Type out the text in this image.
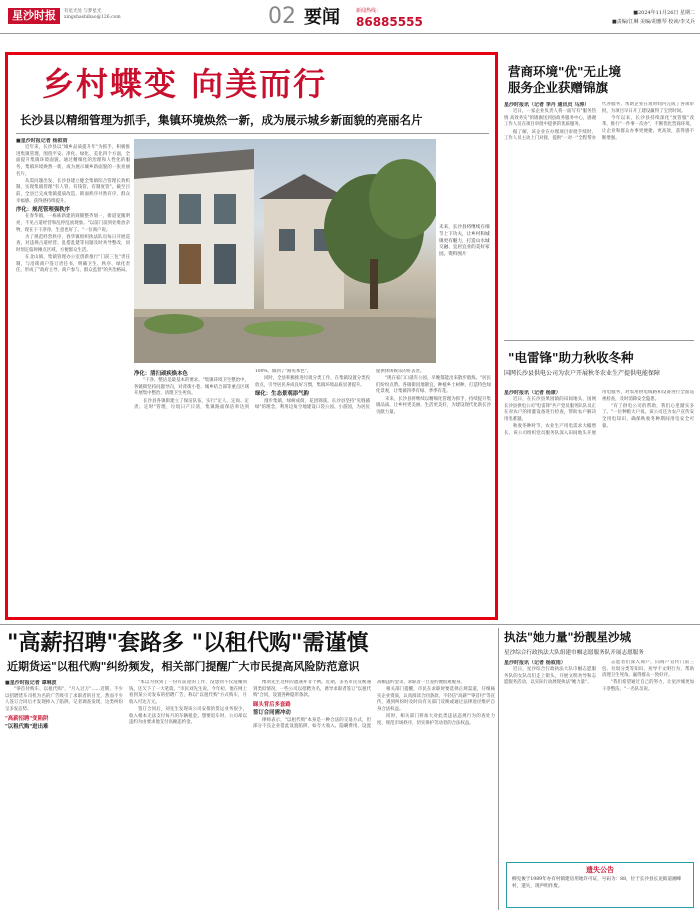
星沙时报	有星光处 与梦星光
xingshashibao@126.com	02 要闻	新闻热线：
86885555
■2024年11月26日 星期二
■责编/江琳 美编/胡雅琴 校读/李又兵
乡村蝶变 向美而行
长沙县以精细管理为抓手，集镇环境焕然一新，成为展示城乡新面貌的亮丽名片

■星沙时报记者 杨叙雨

近年来，长沙县以"城乡品质提升年"为抓手，积极推进集镇管理，围绕平安、净化、绿化、美化四个方面，全面提升集镇环境面貌。通过精细化的治理和人性化的服务，集镇环境焕然一新，成为展示城乡新面貌的一张亮丽名片。

从需问题出发，长沙县建立健全集镇综合管理长效机制，实现集镇管理"有人管、有钱管、有制度管"。截至目前，全县已完成集镇提质改造，街面秩序井然有序，群众幸福感、获得感持续提升。

序化：规范管理强秩序

在春华镇，一栋栋新建的商铺整齐划一，街道宽敞明亮，不见占道经营和乱停乱放现象。"以前门前到处堆放杂物，现在干干净净，生意也好了。"一位商户说。

为了规范经营秩序，春华镇组织执法队员每日开展巡查，对违规占道经营、乱搭乱建等问题及时劝导整改，同时划定临时摊点区域，方便群众生活。

在北山镇，集镇管理办公室创新推行"门前三包"责任制，与沿街商户签订责任书，明确卫生、秩序、绿化责任，形成了"政府主导、商户参与、群众监督"的共治格局。

未来，长沙县将继续在细节上下功夫，让乡村和城镇更有魅力，打造山水城交融、宜居宜业的美好家园。资料图片

净化：清扫顽疾焕本色

"干净、整洁是最基本的要求。"集镇环境卫生整治中，各镇街坚持问题导向，对背街小巷、城乡结合部等重点区域开展集中整治，清理卫生死角。

长沙县各镇街建立了保洁队伍，实行"定人、定岗、定责、定时"管理，垃圾日产日清，集镇路面保洁率达到100%，做到了"路见本色"。

同时，全县积极推进垃圾分类工作，在集镇设置分类投放点，引导居民养成良好习惯，集镇环境品质显著提升。

绿化：生态景观添气韵

漫步集镇，绿树成荫，花团锦簇。长沙县坚持"见缝插绿"的理念，利用边角空地建设口袋公园、小游园，为居民提供休闲娱乐的好去处。

"现在家门口就有公园，早晚都能出来散步锻炼。"居民们纷纷点赞。各镇街因地制宜，种植乡土树种，打造特色绿化景观，让集镇四季有绿、季季有花。

未来，长沙县将继续以精细化管理为抓手，持续提升集镇品质，让乡村更美丽、生活更美好，为建设现代化新长沙贡献力量。

营商环境"优"无止境
服务企业获赠锦旗

星沙时报讯（记者 李丹 通讯员 马涛）

近日，一家企业负责人将一面写有"服务热情 高效务实"的锦旗送到县政务服务中心，感谢工作人员在项目审批中提供的优质服务。

据了解，该企业在办理项目审批手续时，工作人员主动上门对接，提供"一对一"全程帮办代办服务，帮助企业在短时间内完成了各项审批，为项目早日开工建设赢得了宝贵时间。

今年以来，长沙县持续深化"放管服"改革，推行"一件事一次办"，不断优化营商环境，让企业和群众办事更便捷、更高效，获得感不断增强。

"电雷锋"助力秋收冬种
国网长沙县供电公司为农户开展秋冬农业生产提供电能保障

星沙时报讯（记者 杨康）

近日，在长沙县果园镇的田间地头，国网长沙县供电公司"电雷锋"共产党员服务队队员正在对农户的排灌设备进行检查，帮助农户解决用电难题。

秋收冬种时节，农业生产用电需求大幅增长。该公司组织党员服务队深入田间地头开展用电服务，对农用供电线路和设备进行全面巡视检查，及时消除安全隐患。

"有了供电公司的帮助，我们心里踏实多了。"一位种粮大户说。该公司还为农户宣传安全用电知识，确保秋收冬种期间用电安全可靠。

"高薪招聘"套路多 "以租代购"需谨慎
近期货运"以租代购"纠纷频发，相关部门提醒广大市民提高风险防范意识

■星沙时报记者 谭琳波

"零首付购车、以租代购"、"月入过万"……近期，不少以招聘货车司机为名的广告吸引了求职者的目光，然而不少人签订合同后才发现掉入了陷阱。记者调查发现，这类纠纷呈多发态势。

"高薪招聘"变陷阱

"以租代购"进出难

"本以为找到了一份有前途的工作，没想到不仅没赚到钱，还欠下了一大笔债。"市民刘先生说。今年初，他在网上看到某公司发布的招聘广告，称以"以租代购"方式购车，月收入可达万元。

签订合同后，刘先生发现该公司安排的货运业务很少，收入根本无法支付每月的车辆租金。想要退车时，公司却以违约为由要求他支付高额违约金。

像刘先生这样的遭遇并非个例。近期，多名市民反映遇到类似情况，一些公司以招聘为名，诱导求职者签订"以租代购"合同，设置各种隐形条款。

睇头背后多套路

签订合同需冲动

律师表示，"以租代购"本身是一种合法的交易方式，但部分不良企业借此设置陷阱，如夸大收入、隐瞒费用、设置高额违约金等，求职者一旦签约便很难脱身。

相关部门提醒，市民在求职时要选择正规渠道，仔细核实企业资质，认真阅读合同条款，不轻信"高薪""零首付"等宣传，遇到纠纷时及时向有关部门反映或通过法律途径维护自身合法权益。

同时，相关部门将加大对此类违法违规行为的查处力度，规范市场秩序，切实保护劳动者的合法权益。

执法"她力量"扮靓星沙城
星沙综合行政执法大队组建巾帼志愿服务队开展志愿服务

星沙时报讯（记者 杨叙雨）

近日，星沙综合行政执法大队巾帼志愿服务队的女队员们走上街头，开展文明劝导和志愿服务活动，以实际行动展现执法"她力量"。

志愿者们深入商户，向商户宣传门前三包、垃圾分类等知识，劝导不文明行为，帮助清理卫生死角，赢得群众一致好评。

"我们希望通过自己的努力，让星沙城更加干净整洁。"一名队员说。

遗失公告
柳克俊于1989年办有村镇建房用地许可证，号码为：88，位于长沙县长龙街道湘峰村，遗失，现声明作废。
